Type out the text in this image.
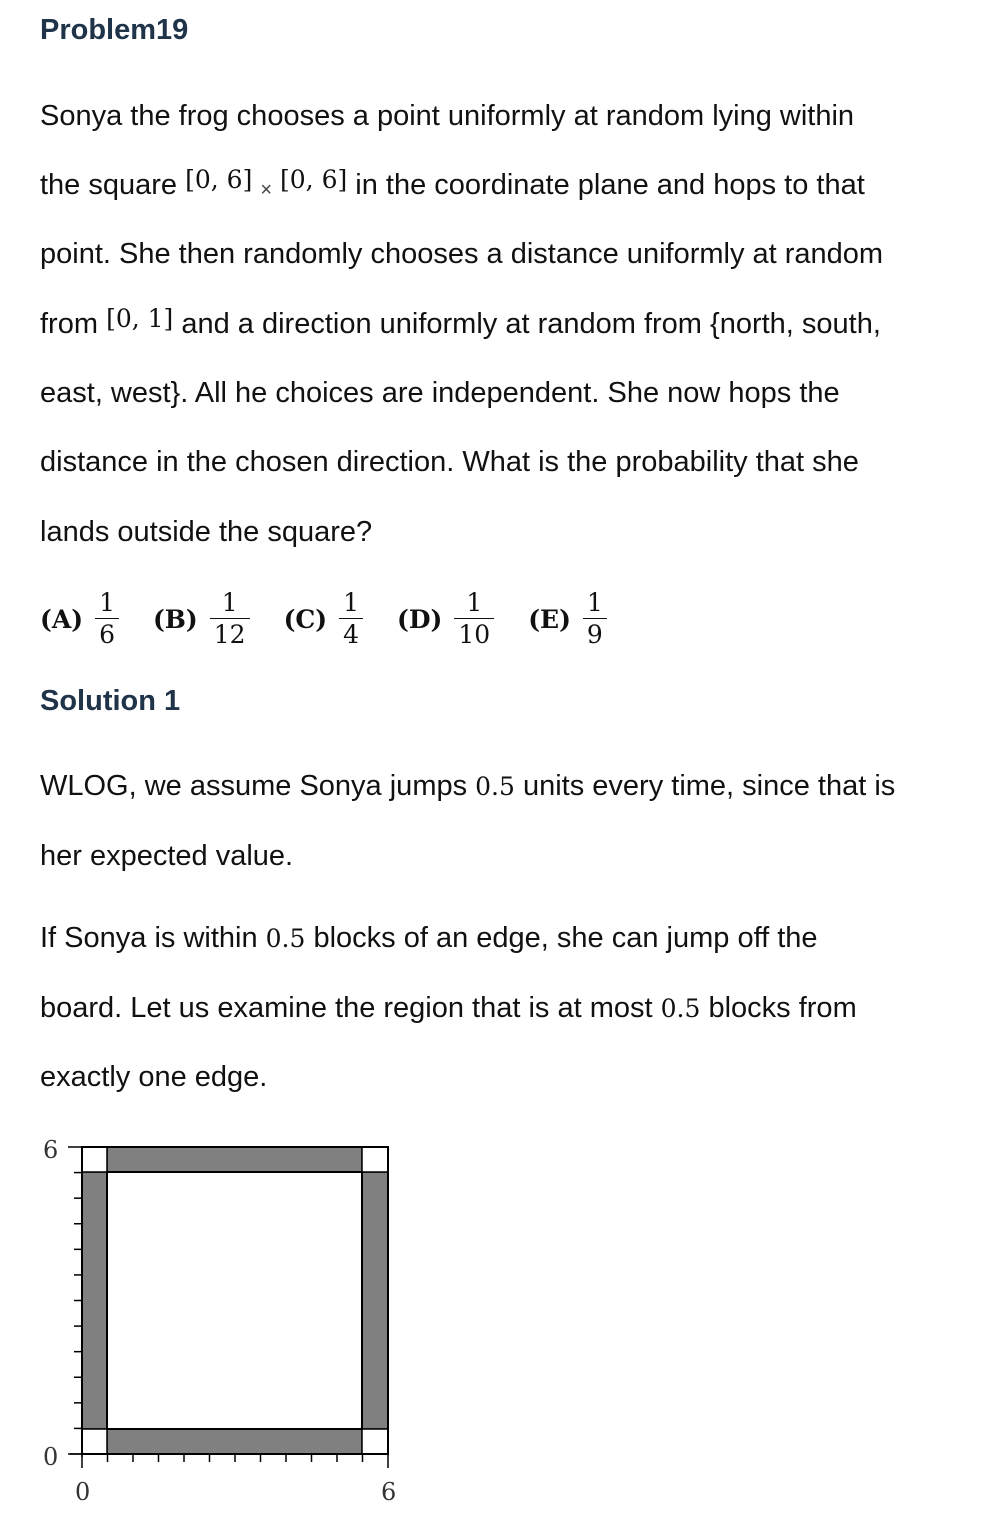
Problem19
Sonya the frog chooses a point uniformly at random lying within
the square [0, 6] × [0, 6] in the coordinate plane and hops to that
point. She then randomly chooses a distance uniformly at random
from [0, 1] and a direction uniformly at random from {north, south,
east, west}. All he choices are independent. She now hops the
distance in the chosen direction. What is the probability that she
lands outside the square?
$(A) \frac{1}{6} (B) \frac{1}{12} (C) \frac{1}{4} (D) \frac{1}{10} (E) \frac{1}{9}$
Solution 1
WLOG, we assume Sonya jumps 0.5 units every time, since that is
her expected value.
If Sonya is within 0.5 blocks of an edge, she can jump off the
board. Let us examine the region that is at most 0.5 blocks from
exactly one edge.
6
0
0	6
